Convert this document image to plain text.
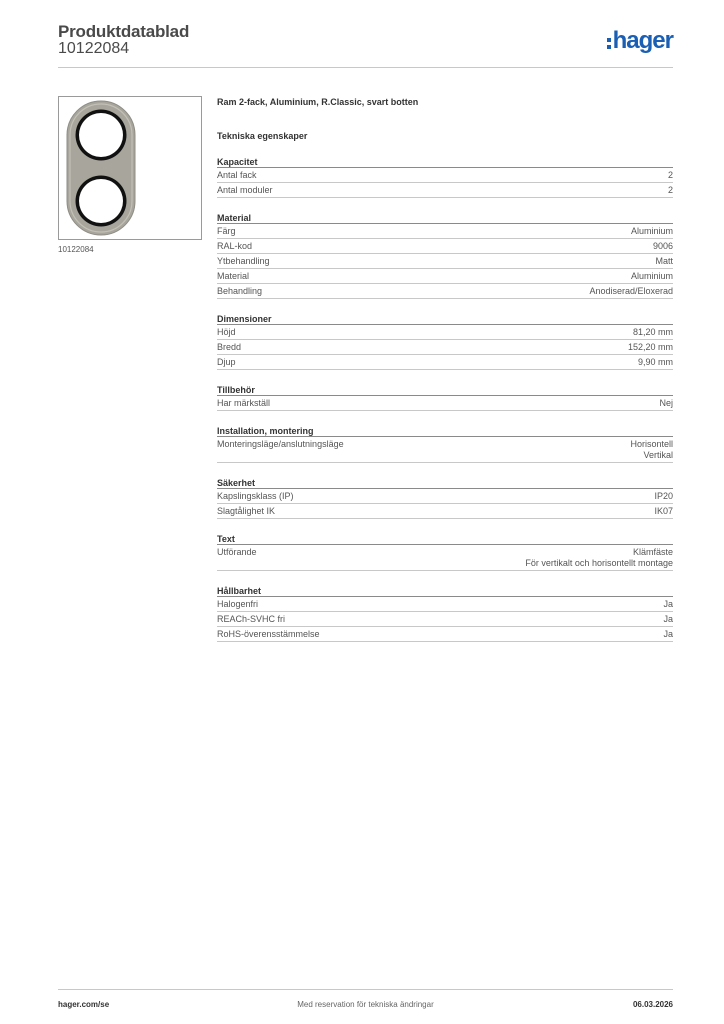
Produktdatablad
10122084	hager
10122084
Ram 2-fack, Aluminium, R.Classic, svart botten
Tekniska egenskaper
Kapacitet
Antal fack	2
Antal moduler	2
Material
Färg	Aluminium
RAL-kod	9006
Ytbehandling	Matt
Material	Aluminium
Behandling	Anodiserad/Eloxerad
Dimensioner
Höjd	81,20 mm
Bredd	152,20 mm
Djup	9,90 mm
Tillbehör
Har märkställ	Nej
Installation, montering
Monteringsläge/anslutningsläge	Horisontell
Vertikal
Säkerhet
Kapslingsklass (IP)	IP20
Slagtålighet IK	IK07
Text
Utförande	Klämfäste
För vertikalt och horisontellt montage
Hållbarhet
Halogenfri	Ja
REACh-SVHC fri	Ja
RoHS-överensstämmelse	Ja
hager.com/se	Med reservation för tekniska ändringar	06.03.2026
